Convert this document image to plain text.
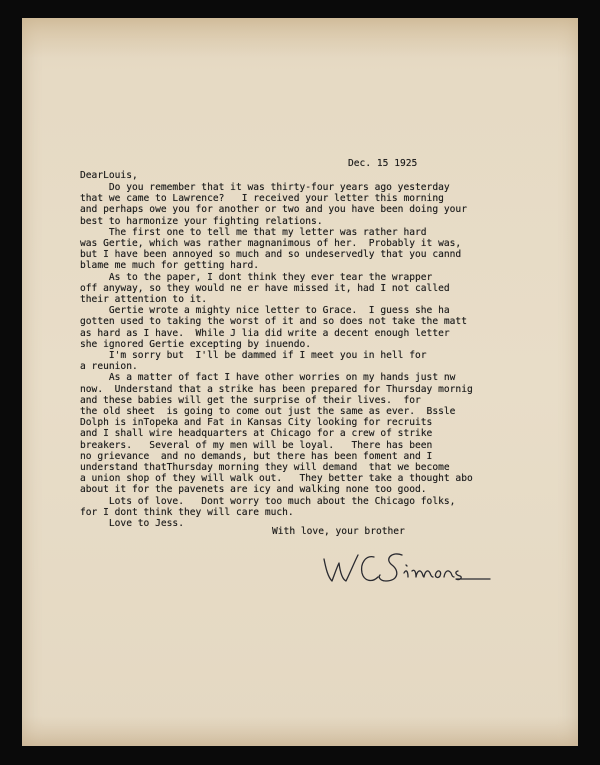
Dec. 15 1925
DearLouis,
Do you remember that it was thirty-four years ago yesterday
that we came to Lawrence?   I received your letter this morning
and perhaps owe you for another or two and you have been doing your
best to harmonize your fighting relations.
The first one to tell me that my letter was rather hard
was Gertie, which was rather magnanimous of her.  Probably it was,
but I have been annoyed so much and so undeservedly that you cannd
blame me much for getting hard.
As to the paper, I dont think they ever tear the wrapper
off anyway, so they would ne er have missed it, had I not called
their attention to it.
Gertie wrote a mighty nice letter to Grace.  I guess she ha
gotten used to taking the worst of it and so does not take the matt
as hard as I have.  While J lia did write a decent enough letter
she ignored Gertie excepting by inuendo.
I'm sorry but  I'll be dammed if I meet you in hell for
a reunion.
As a matter of fact I have other worries on my hands just nw
now.  Understand that a strike has been prepared for Thursday mornig
and these babies will get the surprise of their lives.  for
the old sheet  is going to come out just the same as ever.  Bssle
Dolph is inTopeka and Fat in Kansas City looking for recruits
and I shall wire headquarters at Chicago for a crew of strike
breakers.   Several of my men will be loyal.   There has been
no grievance  and no demands, but there has been foment and I
understand thatThursday morning they will demand  that we become
a union shop of they will walk out.   They better take a thought abo
about it for the pavenets are icy and walking none too good.
Lots of love.   Dont worry too much about the Chicago folks,
for I dont think they will care much.
Love to Jess.
With love, your brother
